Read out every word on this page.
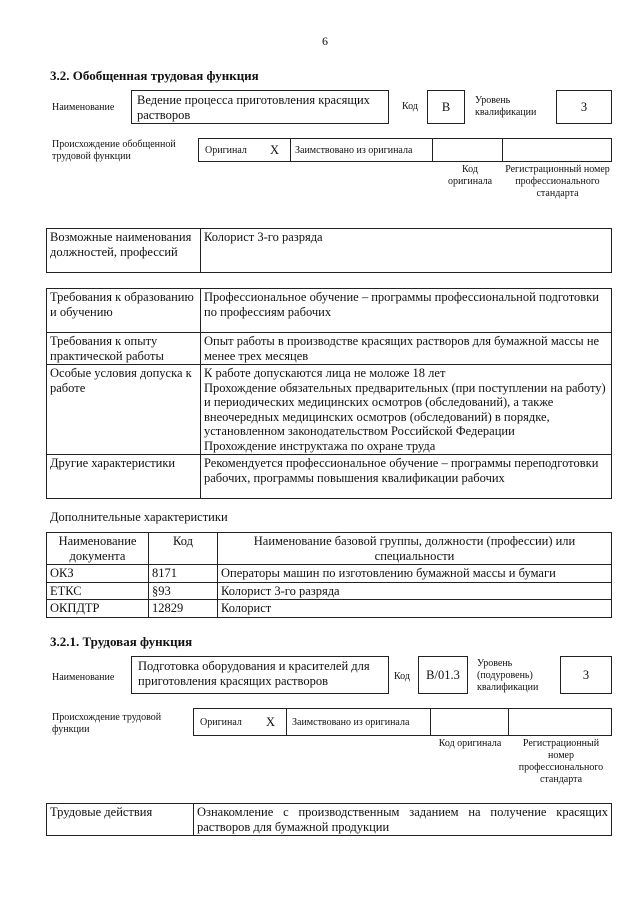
6
3.2. Обобщенная трудовая функция
Наименование
Ведение процесса приготовления красящих растворов
Код	B	Уровень квалификации	3
Происхождение обобщенной трудовой функции
Оригинал X Заимствовано из оригинала
Код оригинала
Регистрационный номер профессионального стандарта
Возможные наименования должностей, профессий	Колорист 3-го разряда
Требования к образованию и обучению	Профессиональное обучение – программы профессиональной подготовки по профессиям рабочих

Требования к опыту практической работы	Опыт работы в производстве красящих растворов для бумажной массы не менее трех месяцев

Особые условия допуска к работе	К работе допускаются лица не моложе 18 лет
Прохождение обязательных предварительных (при поступлении на работу) и периодических медицинских осмотров (обследований), а также внеочередных медицинских осмотров (обследований) в порядке, установленном законодательством Российской Федерации
Прохождение инструктажа по охране труда

Другие характеристики	Рекомендуется профессиональное обучение – программы переподготовки рабочих, программы повышения квалификации рабочих
Дополнительные характеристики
Наименование документа	Код	Наименование базовой группы, должности (профессии) или специальности
ОКЗ	8171	Операторы машин по изготовлению бумажной массы и бумаги
ЕТКС	§93	Колорист 3-го разряда
ОКПДТР	12829	Колорист
3.2.1. Трудовая функция
Наименование
Подготовка оборудования и красителей для приготовления красящих растворов	Код	B/01.3
Уровень (подуровень) квалификации
3
Происхождение трудовой функции
Оригинал X Заимствовано из оригинала
Код оригинала	Регистрационный номер профессионального стандарта
Трудовые действия	Ознакомление с производственным заданием на получение красящих растворов для бумажной продукции
